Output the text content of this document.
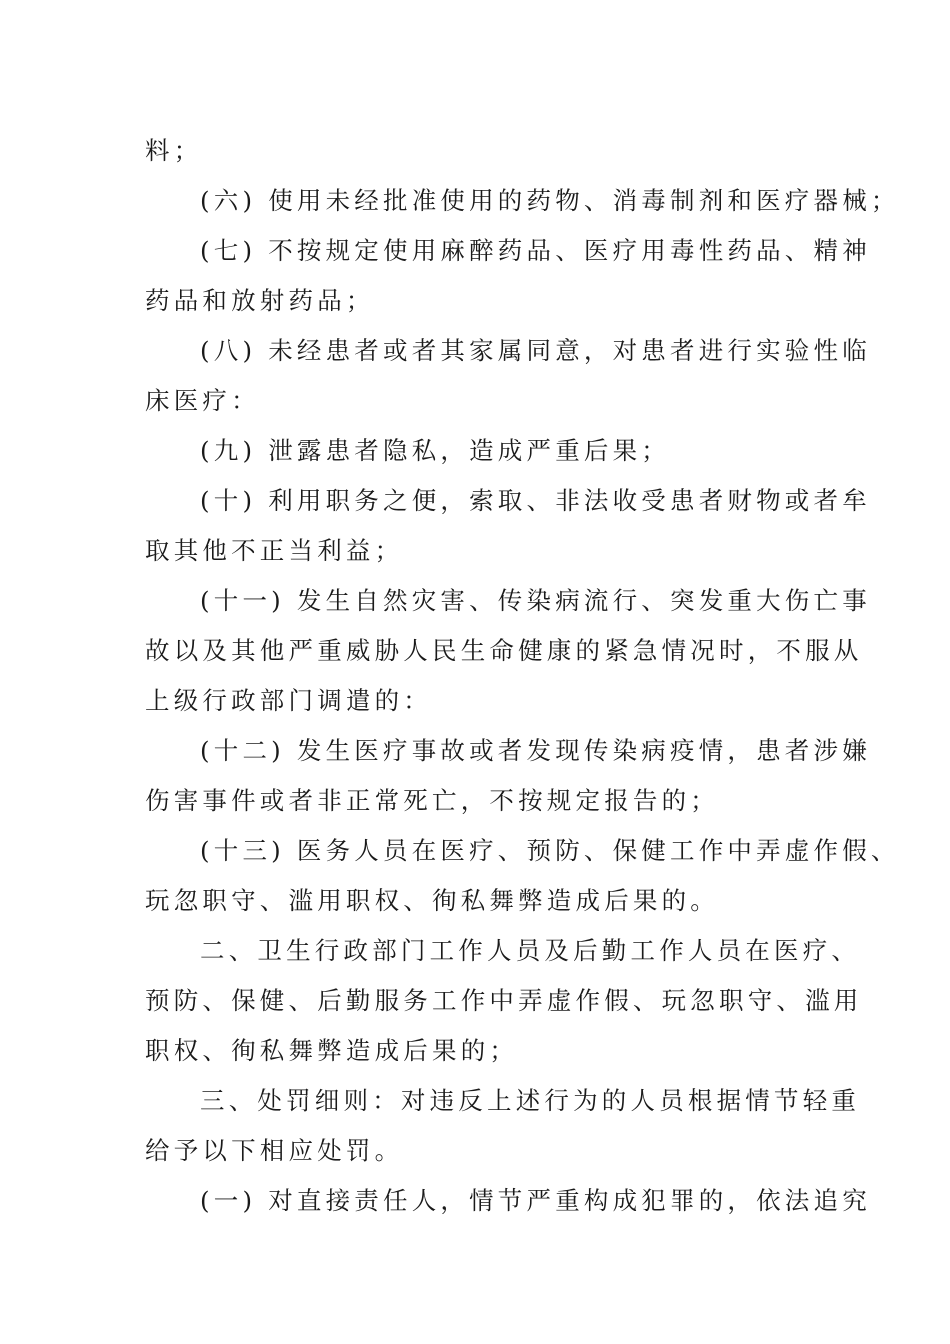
料；
(六) 使用未经批准使用的药物、消毒制剂和医疗器械；
(七) 不按规定使用麻醉药品、医疗用毒性药品、精神
药品和放射药品；
(八) 未经患者或者其家属同意，对患者进行实验性临
床医疗：
(九) 泄露患者隐私，造成严重后果；
(十) 利用职务之便，索取、非法收受患者财物或者牟
取其他不正当利益；
(十一) 发生自然灾害、传染病流行、突发重大伤亡事
故以及其他严重威胁人民生命健康的紧急情况时，不服从
上级行政部门调遣的：
(十二) 发生医疗事故或者发现传染病疫情，患者涉嫌
伤害事件或者非正常死亡，不按规定报告的；
(十三) 医务人员在医疗、预防、保健工作中弄虚作假、
玩忽职守、滥用职权、徇私舞弊造成后果的。
二、卫生行政部门工作人员及后勤工作人员在医疗、
预防、保健、后勤服务工作中弄虚作假、玩忽职守、滥用
职权、徇私舞弊造成后果的；
三、处罚细则：对违反上述行为的人员根据情节轻重
给予以下相应处罚。
(一) 对直接责任人，情节严重构成犯罪的，依法追究
